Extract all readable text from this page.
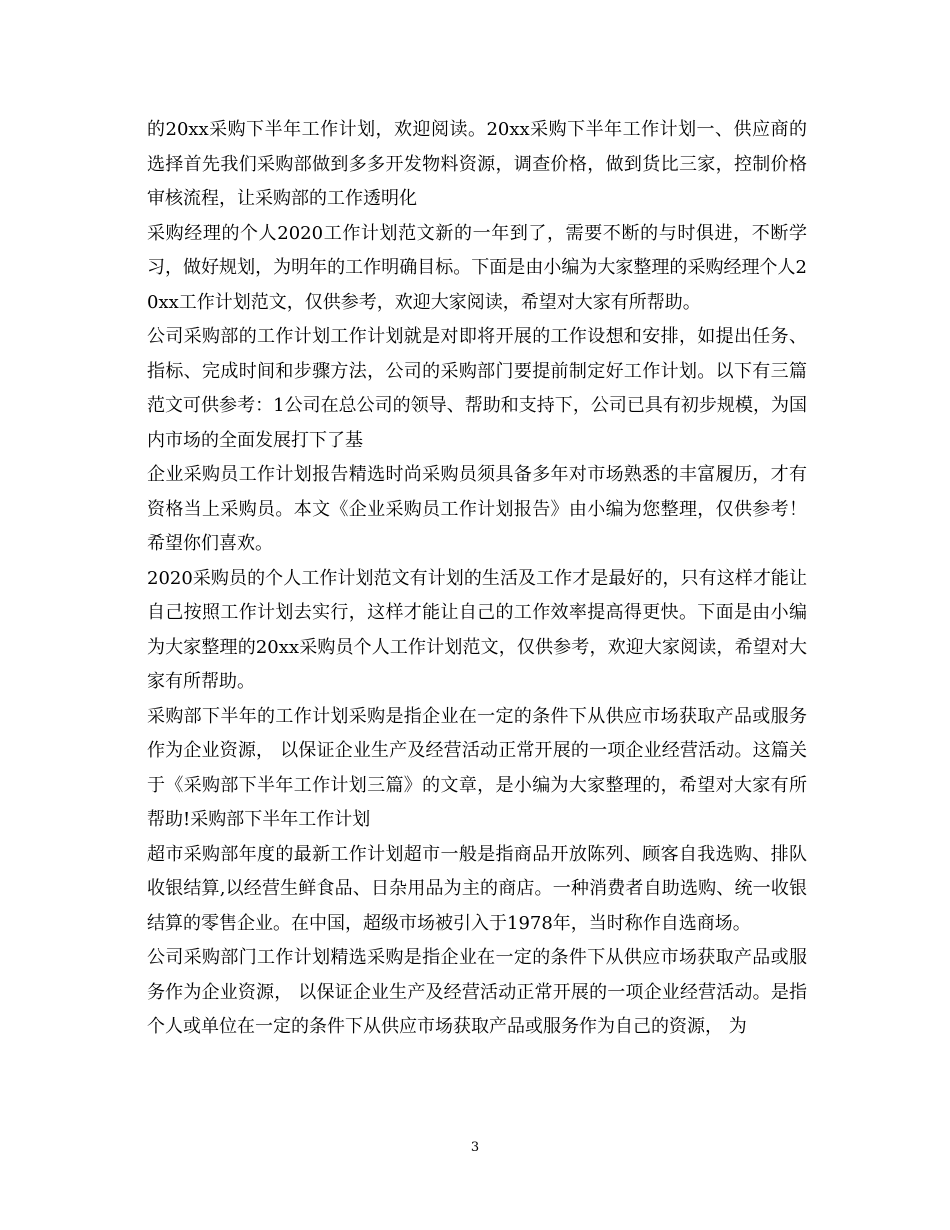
的20xx采购下半年工作计划，欢迎阅读。20xx采购下半年工作计划一、供应商的选择首先我们采购部做到多多开发物料资源，调查价格，做到货比三家，控制价格审核流程，让采购部的工作透明化

采购经理的个人2020工作计划范文新的一年到了，需要不断的与时俱进，不断学习，做好规划，为明年的工作明确目标。下面是由小编为大家整理的采购经理个人20xx工作计划范文，仅供参考，欢迎大家阅读，希望对大家有所帮助。

公司采购部的工作计划工作计划就是对即将开展的工作设想和安排，如提出任务、指标、完成时间和步骤方法，公司的采购部门要提前制定好工作计划。以下有三篇范文可供参考：1公司在总公司的领导、帮助和支持下，公司已具有初步规模，为国内市场的全面发展打下了基

企业采购员工作计划报告精选时尚采购员须具备多年对市场熟悉的丰富履历，才有资格当上采购员。本文《企业采购员工作计划报告》由小编为您整理，仅供参考！希望你们喜欢。

2020采购员的个人工作计划范文有计划的生活及工作才是最好的，只有这样才能让自己按照工作计划去实行，这样才能让自己的工作效率提高得更快。下面是由小编为大家整理的20xx采购员个人工作计划范文，仅供参考，欢迎大家阅读，希望对大家有所帮助。

采购部下半年的工作计划采购是指企业在一定的条件下从供应市场获取产品或服务作为企业资源， 以保证企业生产及经营活动正常开展的一项企业经营活动。这篇关于《采购部下半年工作计划三篇》的文章，是小编为大家整理的，希望对大家有所帮助!采购部下半年工作计划

超市采购部年度的最新工作计划超市一般是指商品开放陈列、顾客自我选购、排队收银结算,以经营生鲜食品、日杂用品为主的商店。一种消费者自助选购、统一收银结算的零售企业。在中国，超级市场被引入于1978年，当时称作自选商场。

公司采购部门工作计划精选采购是指企业在一定的条件下从供应市场获取产品或服务作为企业资源， 以保证企业生产及经营活动正常开展的一项企业经营活动。是指个人或单位在一定的条件下从供应市场获取产品或服务作为自己的资源， 为

3
